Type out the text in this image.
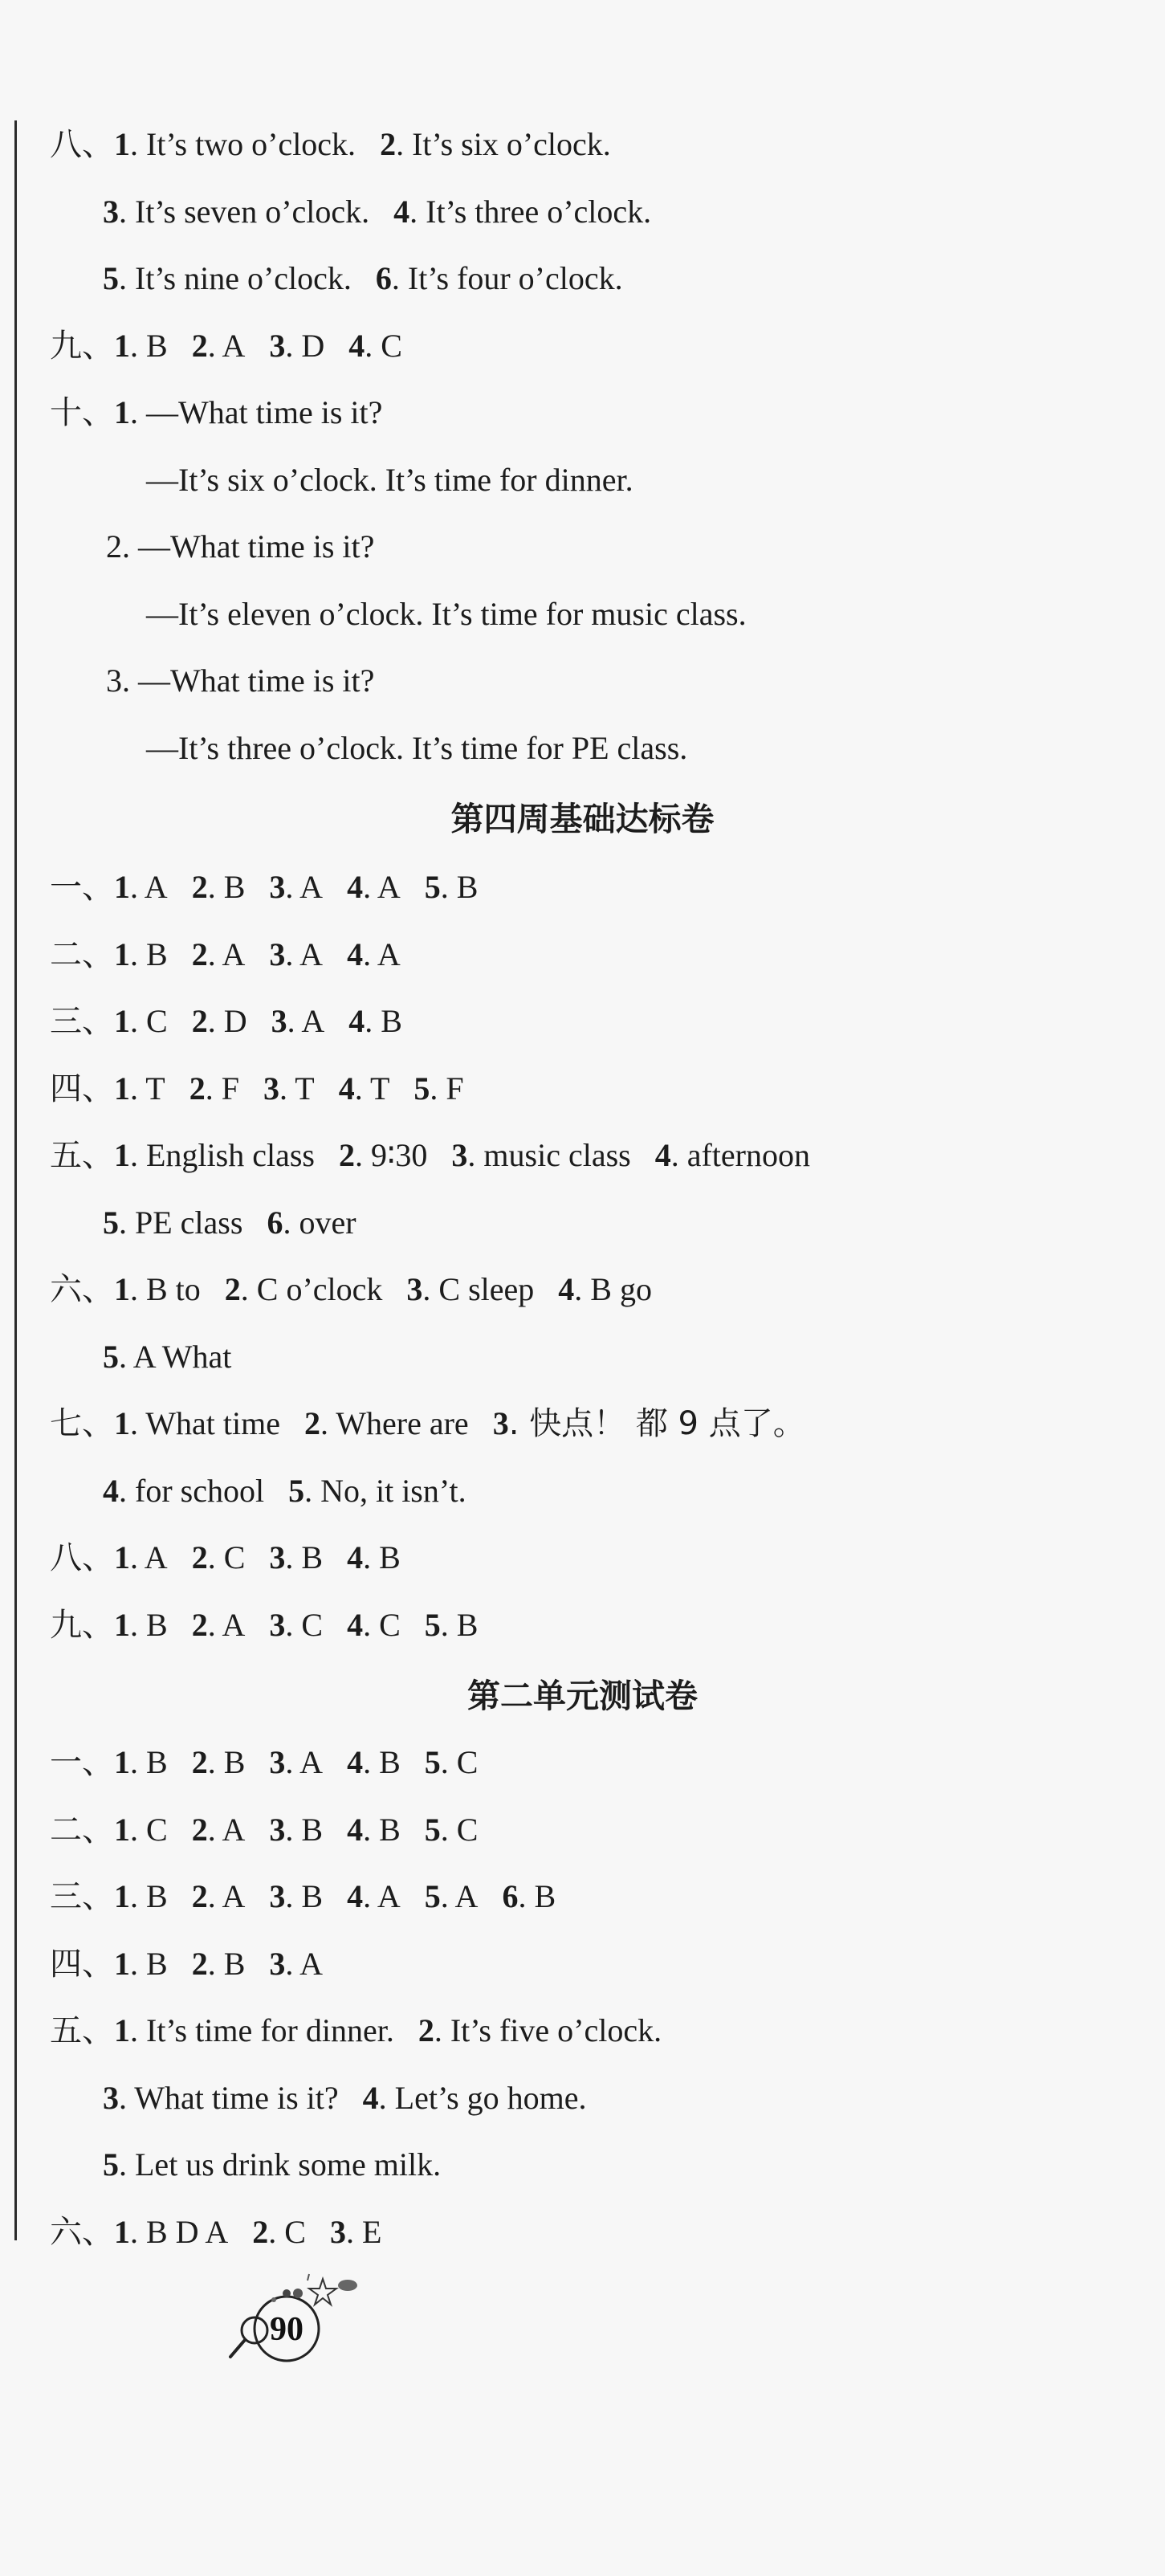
八、1. It’s two o’clock. 2. It’s six o’clock.
3. It’s seven o’clock. 4. It’s three o’clock.
5. It’s nine o’clock. 6. It’s four o’clock.
九、1. B 2. A 3. D 4. C
十、1. —What time is it?
—It’s six o’clock. It’s time for dinner.
2. —What time is it?
—It’s eleven o’clock. It’s time for music class.
3. —What time is it?
—It’s three o’clock. It’s time for PE class.
第四周基础达标卷
一、1. A 2. B 3. A 4. A 5. B
二、1. B 2. A 3. A 4. A
三、1. C 2. D 3. A 4. B
四、1. T 2. F 3. T 4. T 5. F
五、1. English class 2. 9∶30 3. music class 4. afternoon
5. PE class 6. over
六、1. B to 2. C o’clock 3. C sleep 4. B go
5. A What
七、1. What time 2. Where are 3. 快点！ 都 9 点了。
4. for school 5. No, it isn’t.
八、1. A 2. C 3. B 4. B
九、1. B 2. A 3. C 4. C 5. B
第二单元测试卷
一、1. B 2. B 3. A 4. B 5. C
二、1. C 2. A 3. B 4. B 5. C
三、1. B 2. A 3. B 4. A 5. A 6. B
四、1. B 2. B 3. A
五、1. It’s time for dinner. 2. It’s five o’clock.
3. What time is it? 4. Let’s go home.
5. Let us drink some milk.
六、1. B D A 2. C 3. E
90
